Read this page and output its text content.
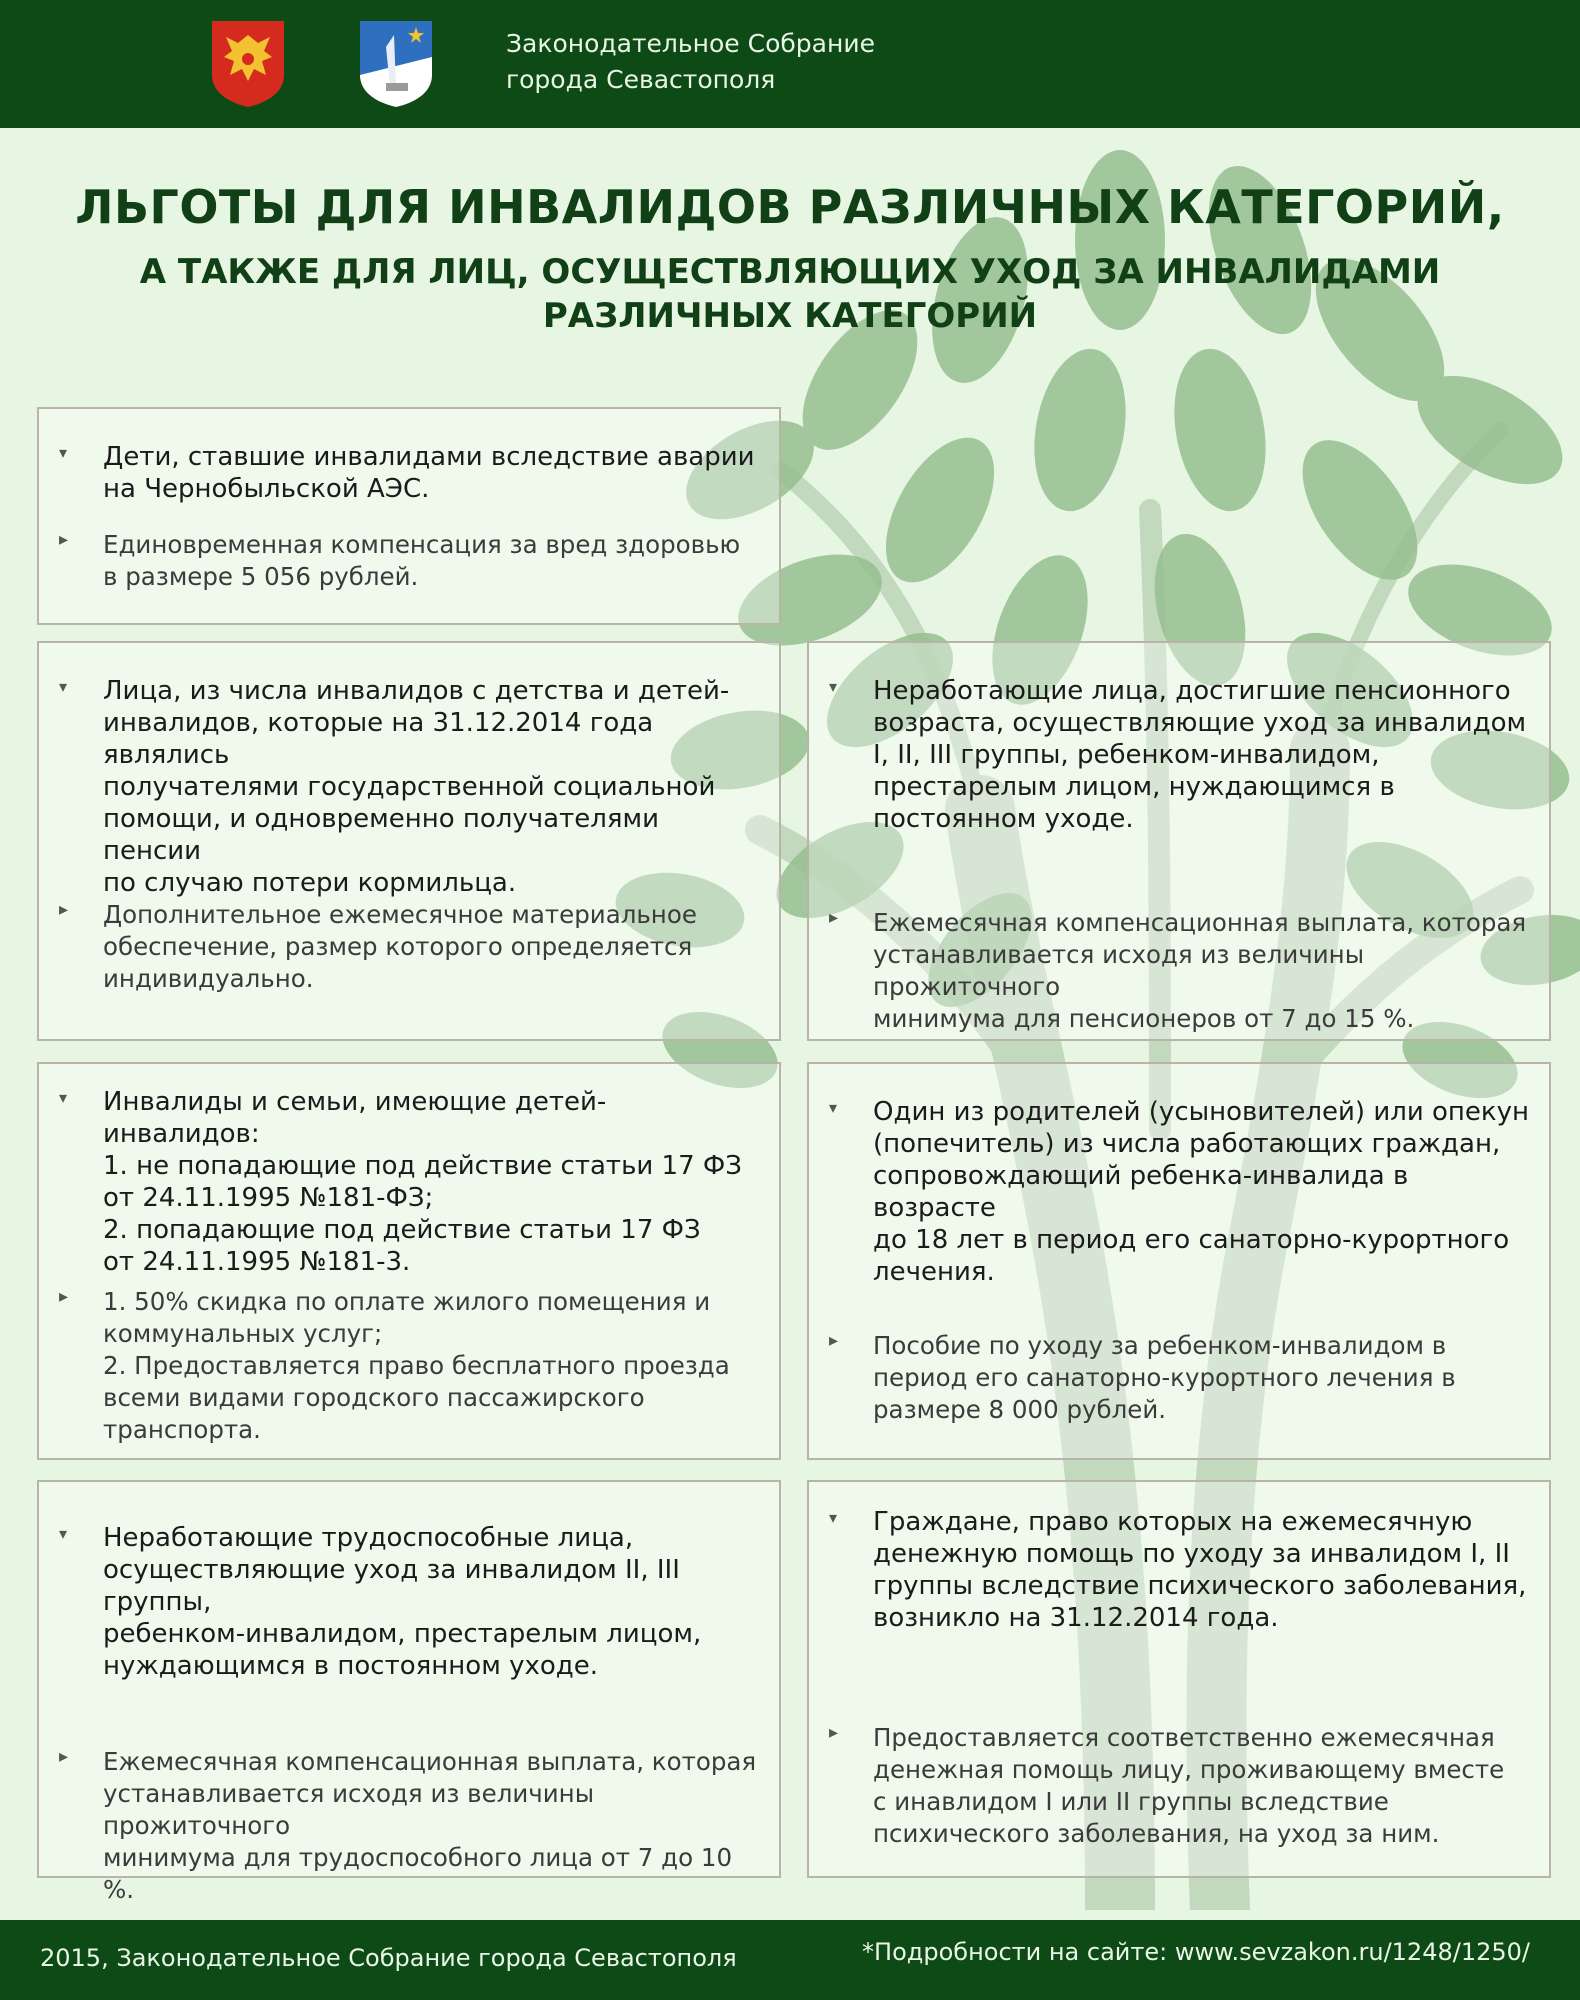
Законодательное Собрание
города Севастополя
ЛЬГОТЫ ДЛЯ ИНВАЛИДОВ РАЗЛИЧНЫХ КАТЕГОРИЙ,
А ТАКЖЕ ДЛЯ ЛИЦ, ОСУЩЕСТВЛЯЮЩИХ УХОД ЗА ИНВАЛИДАМИ
РАЗЛИЧНЫХ КАТЕГОРИЙ
▾ Дети, ставшие инвалидами вследствие аварии
на Чернобыльской АЭС.
▸ Единовременная компенсация за вред здоровью
в размере 5 056 рублей.
▾ Лица, из числа инвалидов с детства и детей-
инвалидов, которые на 31.12.2014 года являлись
получателями государственной социальной
помощи, и одновременно получателями пенсии
по случаю потери кормильца.
▸ Дополнительное ежемесячное материальное
обеспечение, размер которого определяется
индивидуально.
▾ Неработающие лица, достигшие пенсионного
возраста, осуществляющие уход за инвалидом
I, II, III группы, ребенком-инвалидом,
престарелым лицом, нуждающимся в
постоянном уходе.
▸ Ежемесячная компенсационная выплата, которая
устанавливается исходя из величины прожиточного
минимума для пенсионеров от 7 до 15 %.
▾ Инвалиды и семьи, имеющие детей-инвалидов:
1. не попадающие под действие статьи 17 ФЗ
от 24.11.1995 №181-ФЗ;
2. попадающие под действие статьи 17 ФЗ
от 24.11.1995 №181-3.
▸ 1. 50% скидка по оплате жилого помещения и
коммунальных услуг;
2. Предоставляется право бесплатного проезда
всеми видами городского пассажирского
транспорта.
▾ Один из родителей (усыновителей) или опекун
(попечитель) из числа работающих граждан,
сопровождающий ребенка-инвалида в возрасте
до 18 лет в период его санаторно-курортного
лечения.
▸ Пособие по уходу за ребенком-инвалидом в
период его санаторно-курортного лечения в
размере 8 000 рублей.
▾ Неработающие трудоспособные лица,
осуществляющие уход за инвалидом II, III группы,
ребенком-инвалидом, престарелым лицом,
нуждающимся в постоянном уходе.
▸ Ежемесячная компенсационная выплата, которая
устанавливается исходя из величины прожиточного
минимума для трудоспособного лица от 7 до 10 %.
▾ Граждане, право которых на ежемесячную
денежную помощь по уходу за инвалидом I, II
группы вследствие психического заболевания,
возникло на 31.12.2014 года.
▸ Предоставляется соответственно ежемесячная
денежная помощь лицу, проживающему вместе
с инавлидом I или II группы вследствие
психического заболевания, на уход за ним.
2015, Законодательное Собрание города Севастополя	*Подробности на сайте: www.sevzakon.ru/1248/1250/
